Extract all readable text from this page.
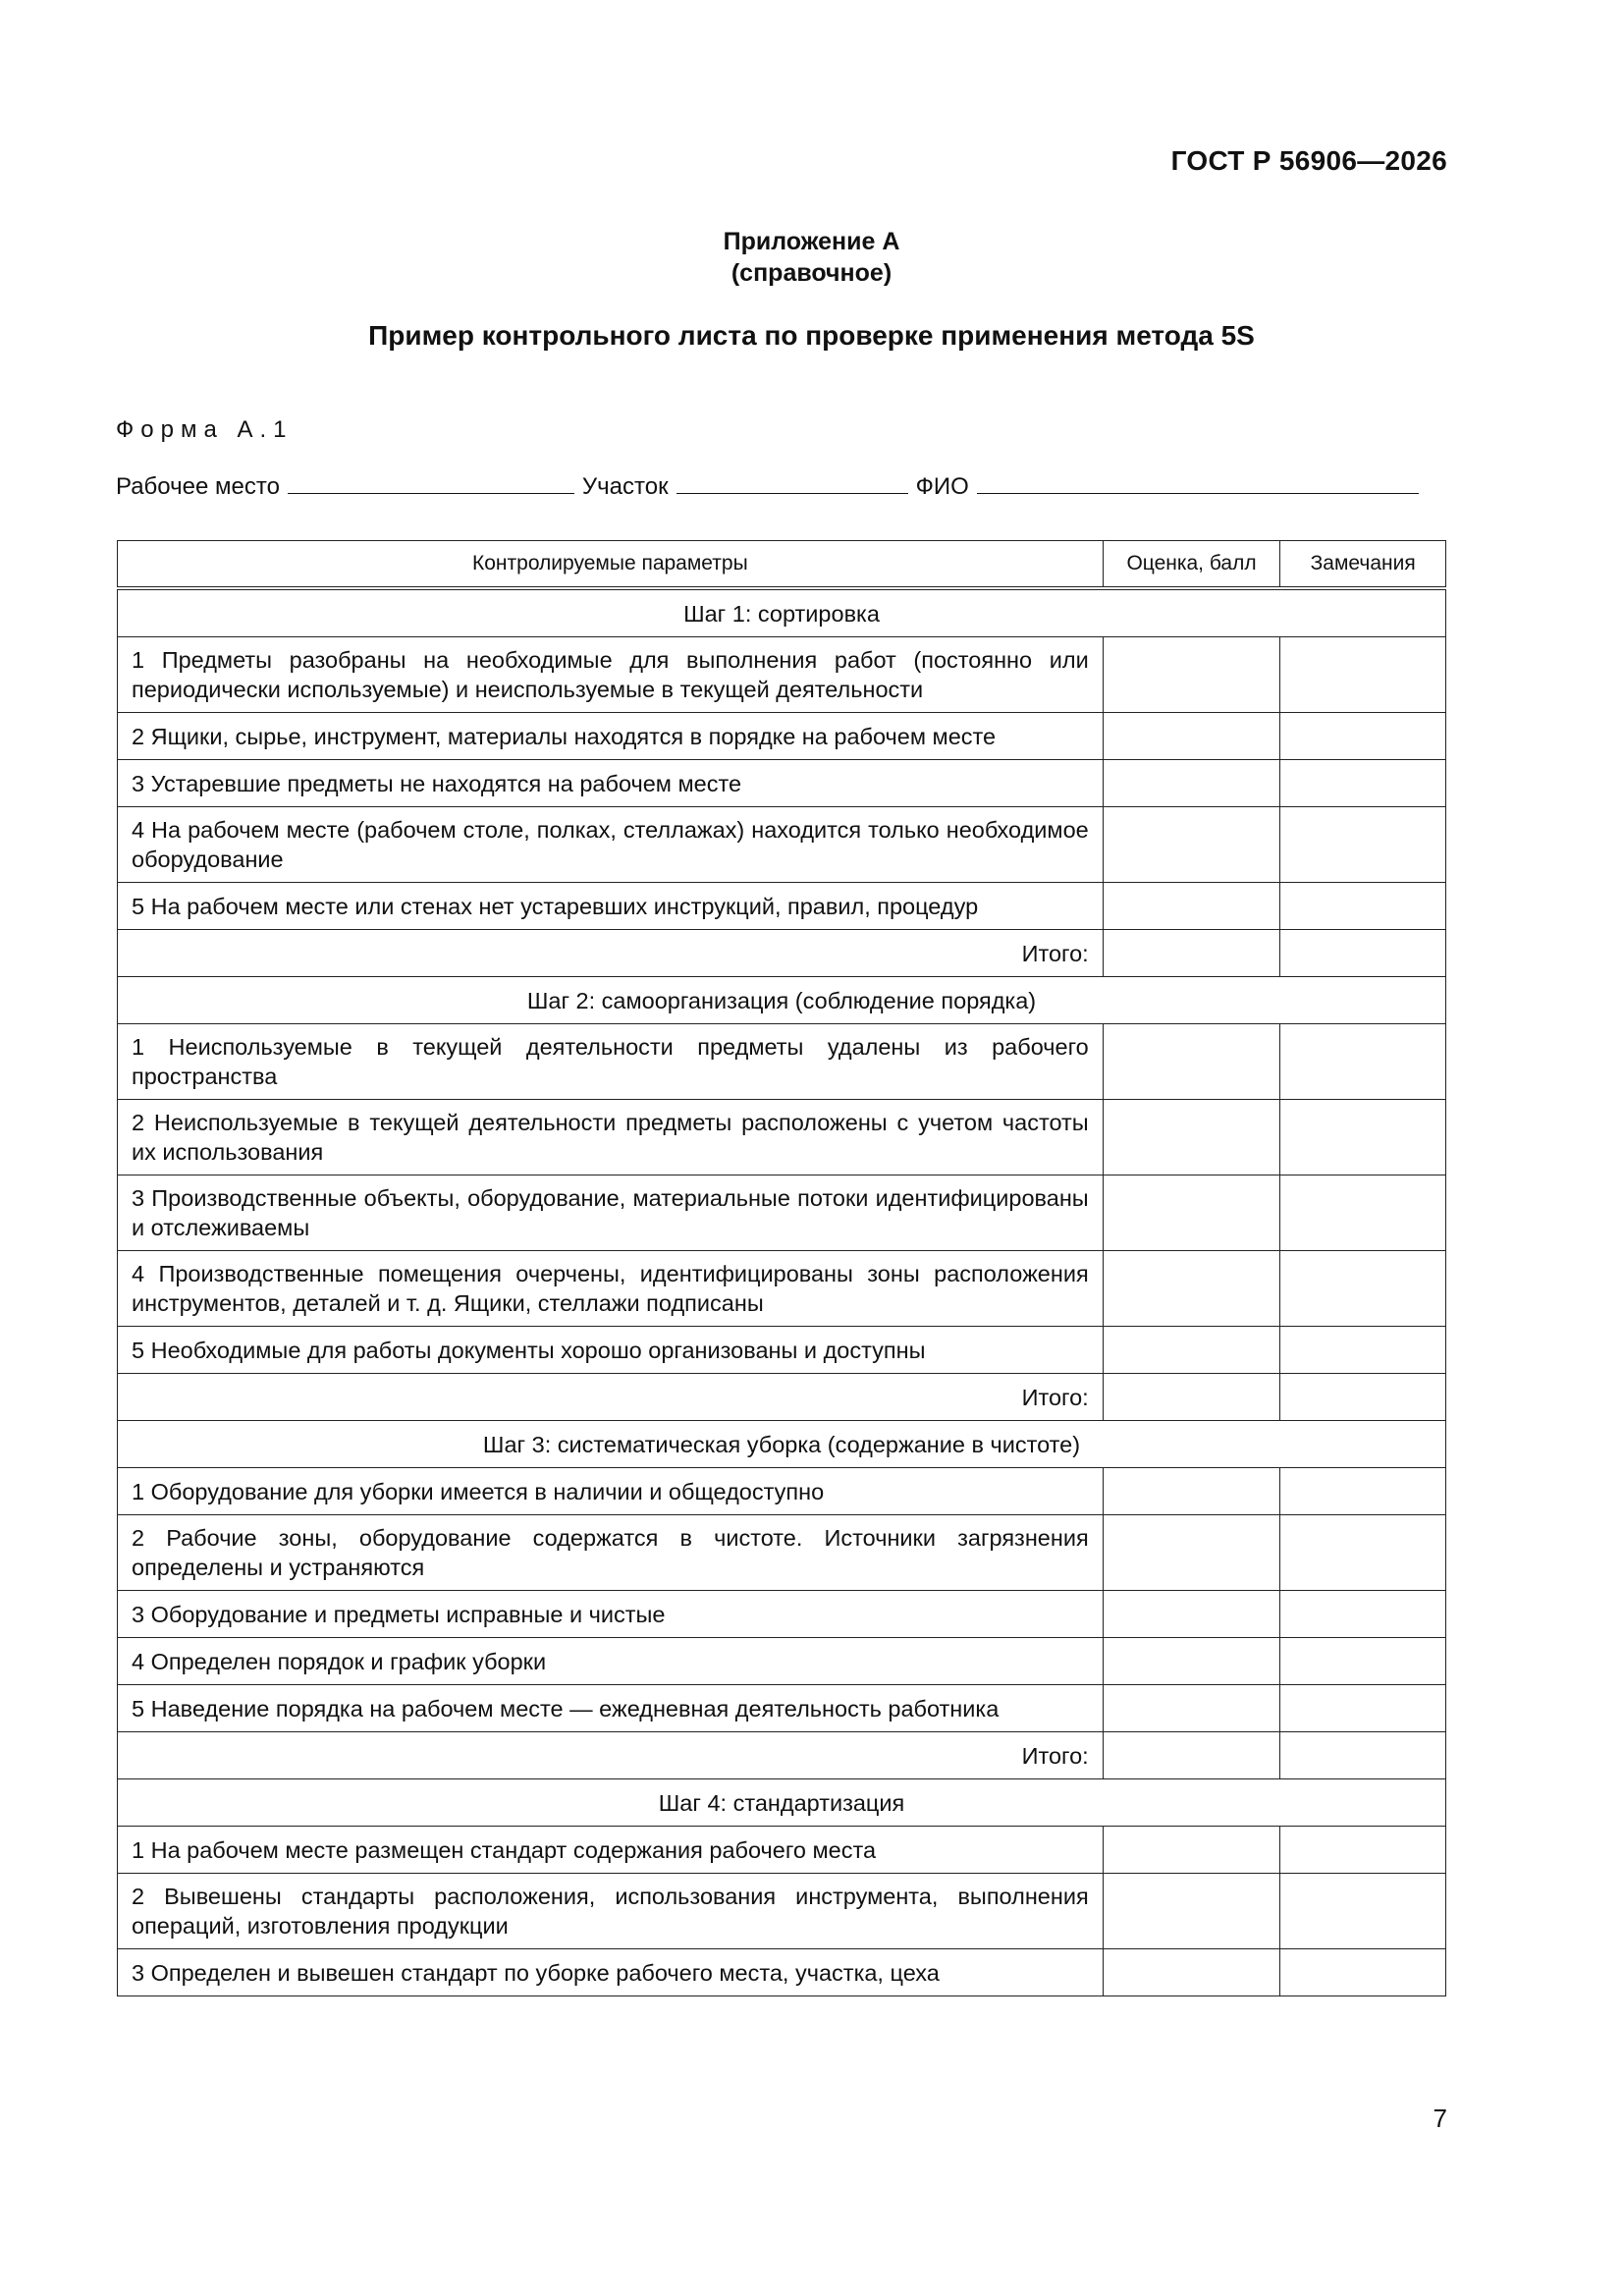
ГОСТ Р 56906—2026
Приложение А
(справочное)
Пример контрольного листа по проверке применения метода 5S
Форма А.1
Рабочее место	Участок	ФИО
Контролируемые параметры	Оценка, балл	Замечания
Шаг 1: сортировка		
1 Предметы разобраны на необходимые для выполнения работ (постоянно или периодически используемые) и неиспользуемые в текущей деятельности		
2 Ящики, сырье, инструмент, материалы находятся в порядке на рабочем месте		
3 Устаревшие предметы не находятся на рабочем месте		
4 На рабочем месте (рабочем столе, полках, стеллажах) находится только необходимое оборудование		
5 На рабочем месте или стенах нет устаревших инструкций, правил, процедур		
Итого:		
Шаг 2: самоорганизация (соблюдение порядка)		
1 Неиспользуемые в текущей деятельности предметы удалены из рабочего пространства		
2 Неиспользуемые в текущей деятельности предметы расположены с учетом частоты их использования		
3 Производственные объекты, оборудование, материальные потоки идентифицированы и отслеживаемы		
4 Производственные помещения очерчены, идентифицированы зоны расположения инструментов, деталей и т. д. Ящики, стеллажи подписаны		
5 Необходимые для работы документы хорошо организованы и доступны		
Итого:		
Шаг 3: систематическая уборка (содержание в чистоте)		
1 Оборудование для уборки имеется в наличии и общедоступно		
2 Рабочие зоны, оборудование содержатся в чистоте. Источники загрязнения определены и устраняются		
3 Оборудование и предметы исправные и чистые		
4 Определен порядок и график уборки		
5 Наведение порядка на рабочем месте — ежедневная деятельность работника		
Итого:		
Шаг 4: стандартизация		
1 На рабочем месте размещен стандарт содержания рабочего места		
2 Вывешены стандарты расположения, использования инструмента, выполнения операций, изготовления продукции		
3 Определен и вывешен стандарт по уборке рабочего места, участка, цеха		
7
